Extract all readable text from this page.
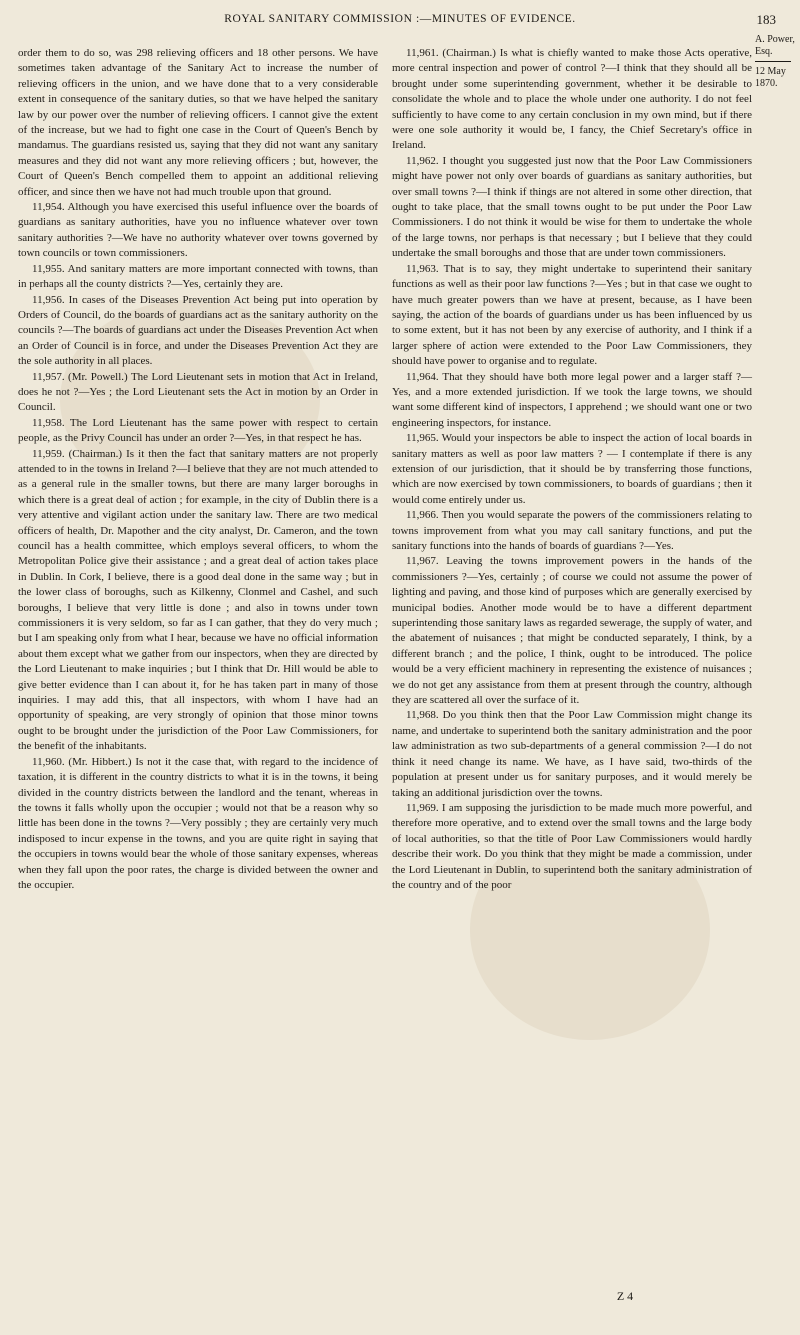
ROYAL SANITARY COMMISSION :—MINUTES OF EVIDENCE.	183

order them to do so, was 298 relieving officers and 18 other persons. We have sometimes taken advantage of the Sanitary Act to increase the number of relieving officers in the union, and we have done that to a very considerable extent in consequence of the sanitary duties, so that we have helped the sanitary law by our power over the number of relieving officers. I cannot give the extent of the increase, but we had to fight one case in the Court of Queen's Bench by mandamus. The guardians resisted us, saying that they did not want any sanitary measures and they did not want any more relieving officers ; but, however, the Court of Queen's Bench compelled them to appoint an additional relieving officer, and since then we have not had much trouble upon that ground.

11,954. Although you have exercised this useful influence over the boards of guardians as sanitary authorities, have you no influence whatever over town sanitary authorities ?—We have no authority whatever over towns governed by town councils or town commissioners.

11,955. And sanitary matters are more important connected with towns, than in perhaps all the county districts ?—Yes, certainly they are.

11,956. In cases of the Diseases Prevention Act being put into operation by Orders of Council, do the boards of guardians act as the sanitary authority on the councils ?—The boards of guardians act under the Diseases Prevention Act when an Order of Council is in force, and under the Diseases Prevention Act they are the sole authority in all places.

11,957. (Mr. Powell.) The Lord Lieutenant sets in motion that Act in Ireland, does he not ?—Yes ; the Lord Lieutenant sets the Act in motion by an Order in Council.

11,958. The Lord Lieutenant has the same power with respect to certain people, as the Privy Council has under an order ?—Yes, in that respect he has.

11,959. (Chairman.) Is it then the fact that sanitary matters are not properly attended to in the towns in Ireland ?—I believe that they are not much attended to as a general rule in the smaller towns, but there are many larger boroughs in which there is a great deal of action ; for example, in the city of Dublin there is a very attentive and vigilant action under the sanitary law. There are two medical officers of health, Dr. Mapother and the city analyst, Dr. Cameron, and the town council has a health committee, which employs several officers, to whom the Metropolitan Police give their assistance ; and a great deal of action takes place in Dublin. In Cork, I believe, there is a good deal done in the same way ; but in the lower class of boroughs, such as Kilkenny, Clonmel and Cashel, and such boroughs, I believe that very little is done ; and also in towns under town commissioners it is very seldom, so far as I can gather, that they do very much ; but I am speaking only from what I hear, because we have no official information about them except what we gather from our inspectors, when they are directed by the Lord Lieutenant to make inquiries ; but I think that Dr. Hill would be able to give better evidence than I can about it, for he has taken part in many of those inquiries. I may add this, that all inspectors, with whom I have had an opportunity of speaking, are very strongly of opinion that those minor towns ought to be brought under the jurisdiction of the Poor Law Commissioners, for the benefit of the inhabitants.

11,960. (Mr. Hibbert.) Is not it the case that, with regard to the incidence of taxation, it is different in the country districts to what it is in the towns, it being divided in the country districts between the landlord and the tenant, whereas in the towns it falls wholly upon the occupier ; would not that be a reason why so little has been done in the towns ?—Very possibly ; they are certainly very much indisposed to incur expense in the towns, and you are quite right in saying that the occupiers in towns would bear the whole of those sanitary expenses, whereas when they fall upon the poor rates, the charge is divided between the owner and the occupier.

11,961. (Chairman.) Is what is chiefly wanted to make those Acts operative, more central inspection and power of control ?—I think that they should all be brought under some superintending government, whether it be desirable to consolidate the whole and to place the whole under one authority. I do not feel sufficiently to have come to any certain conclusion in my own mind, but if there were one sole authority it would be, I fancy, the Chief Secretary's office in Ireland.

11,962. I thought you suggested just now that the Poor Law Commissioners might have power not only over boards of guardians as sanitary authorities, but over small towns ?—I think if things are not altered in some other direction, that ought to take place, that the small towns ought to be put under the Poor Law Commissioners. I do not think it would be wise for them to undertake the whole of the large towns, nor perhaps is that necessary ; but I believe that they could undertake the small boroughs and those that are under town commissioners.

11,963. That is to say, they might undertake to superintend their sanitary functions as well as their poor law functions ?—Yes ; but in that case we ought to have much greater powers than we have at present, because, as I have been saying, the action of the boards of guardians under us has been influenced by us to some extent, but it has not been by any exercise of authority, and I think if a larger sphere of action were extended to the Poor Law Commissioners, they should have power to organise and to regulate.

11,964. That they should have both more legal power and a larger staff ?—Yes, and a more extended jurisdiction. If we took the large towns, we should want some different kind of inspectors, I apprehend ; we should want one or two engineering inspectors, for instance.

11,965. Would your inspectors be able to inspect the action of local boards in sanitary matters as well as poor law matters ? — I contemplate if there is any extension of our jurisdiction, that it should be by transferring those functions, which are now exercised by town commissioners, to boards of guardians ; then it would come entirely under us.

11,966. Then you would separate the powers of the commissioners relating to towns improvement from what you may call sanitary functions, and put the sanitary functions into the hands of boards of guardians ?—Yes.

11,967. Leaving the towns improvement powers in the hands of the commissioners ?—Yes, certainly ; of course we could not assume the power of lighting and paving, and those kind of purposes which are generally exercised by municipal bodies. Another mode would be to have a different department superintending those sanitary laws as regarded sewerage, the supply of water, and the abatement of nuisances ; that might be conducted separately, I think, by a different branch ; and the police, I think, ought to be introduced. The police would be a very efficient machinery in representing the existence of nuisances ; we do not get any assistance from them at present through the country, although they are scattered all over the surface of it.

11,968. Do you think then that the Poor Law Commission might change its name, and undertake to superintend both the sanitary administration and the poor law administration as two sub-departments of a general commission ?—I do not think it need change its name. We have, as I have said, two-thirds of the population at present under us for sanitary purposes, and it would merely be taking an additional jurisdiction over the towns.

11,969. I am supposing the jurisdiction to be made much more powerful, and therefore more operative, and to extend over the small towns and the large body of local authorities, so that the title of Poor Law Commissioners would hardly describe their work. Do you think that they might be made a commission, under the Lord Lieutenant in Dublin, to superintend both the sanitary administration of the country and of the poor

A. Power, Esq.
12 May 1870.
Z 4
